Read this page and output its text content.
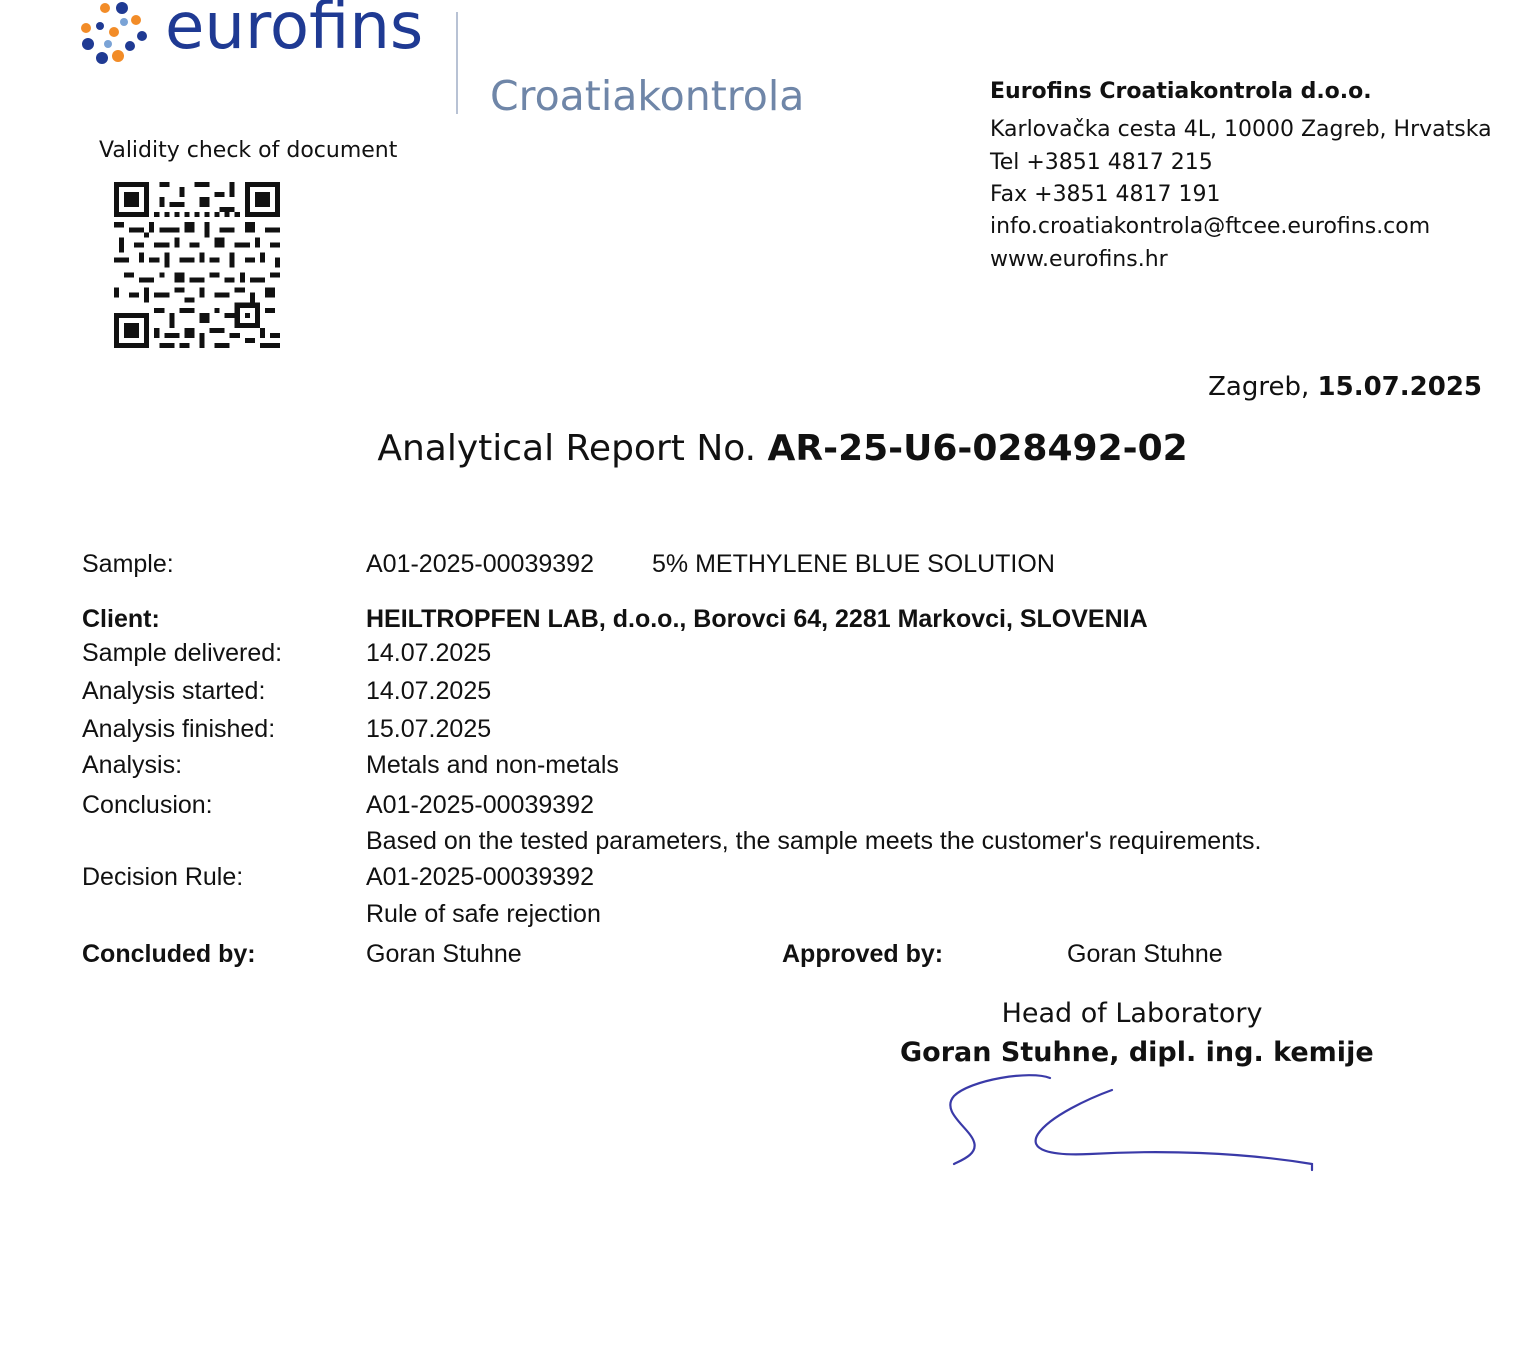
eurofins
Croatiakontrola
Validity check of document
Eurofins Croatiakontrola d.o.o.
Karlovačka cesta 4L, 10000 Zagreb, Hrvatska
Tel +3851 4817 215
Fax +3851 4817 191
info.croatiakontrola@ftcee.eurofins.com
www.eurofins.hr
Zagreb, 15.07.2025
Analytical Report No. AR-25-U6-028492-02
Sample:	A01-2025-00039392 5% METHYLENE BLUE SOLUTION
Client:	HEILTROPFEN LAB, d.o.o., Borovci 64, 2281 Markovci, SLOVENIA
Sample delivered:	14.07.2025
Analysis started:	14.07.2025
Analysis finished:	15.07.2025
Analysis:	Metals and non-metals
Conclusion:	A01-2025-00039392
Based on the tested parameters, the sample meets the customer's requirements.
Decision Rule:	A01-2025-00039392
Rule of safe rejection
Concluded by:	Goran Stuhne	Approved by:	Goran Stuhne
Head of Laboratory
Goran Stuhne, dipl. ing. kemije
